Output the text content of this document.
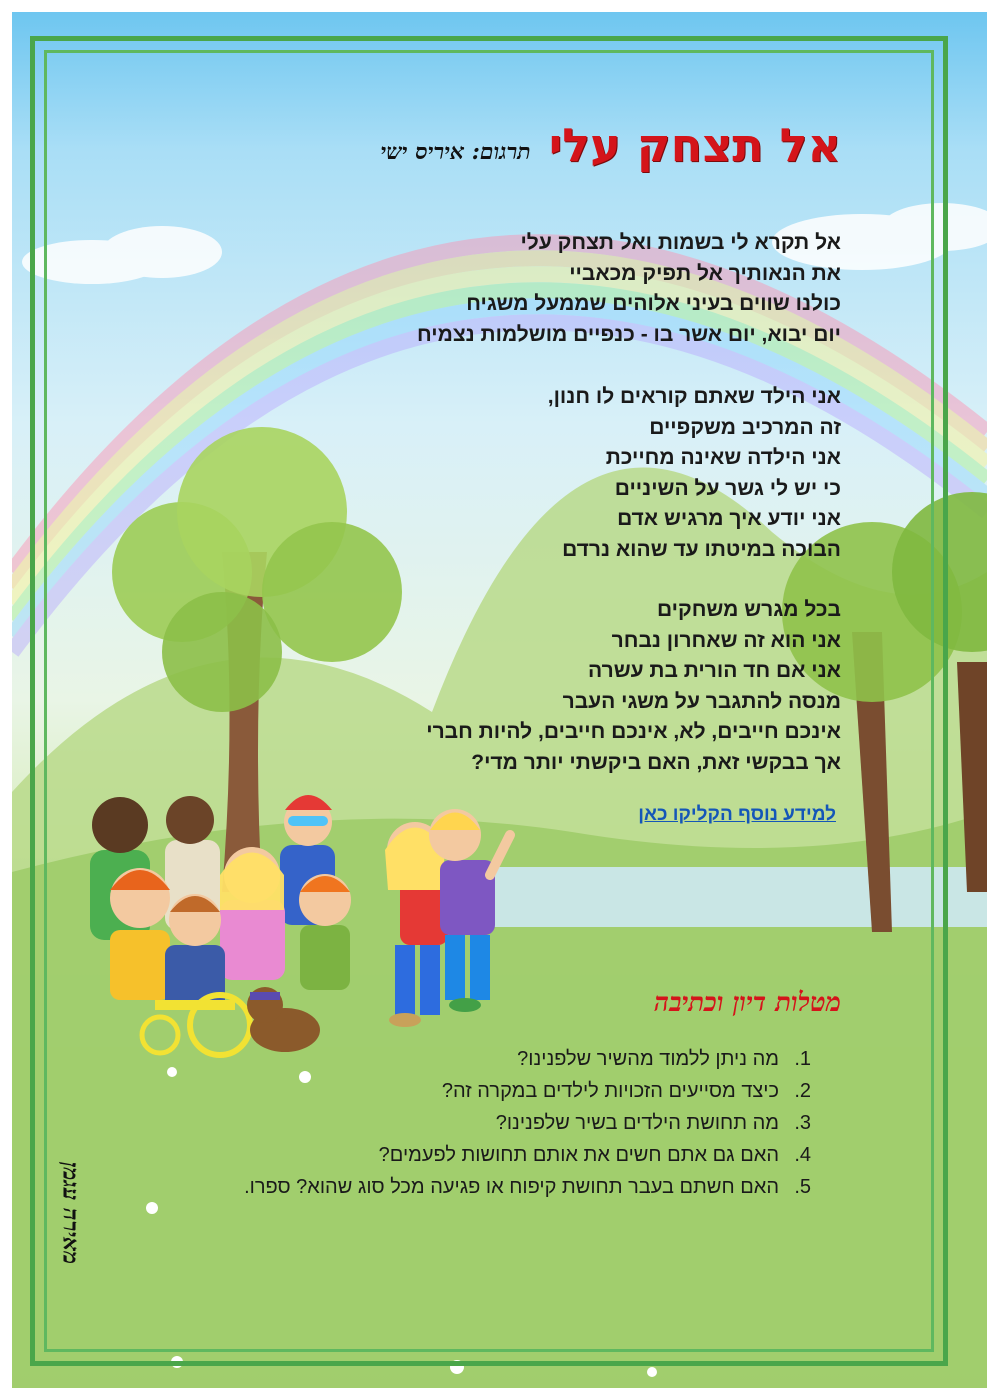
אל תצחק עלי
תרגום: איריס ישי
אל תקרא לי בשמות ואל תצחק עלי
את הנאותיך אל תפיק מכאביי
כולנו שווים בעיני אלוהים שממעל משגיח
יום יבוא, יום אשר בו - כנפיים מושלמות נצמיח
אני הילד שאתם קוראים לו חנון,
זה המרכיב משקפיים
אני הילדה שאינה מחייכת
כי יש לי גשר על השיניים
אני יודע איך מרגיש אדם
הבוכה במיטתו עד שהוא נרדם
בכל מגרש משחקים
אני הוא זה שאחרון נבחר
אני אם חד הורית בת עשרה
מנסה להתגבר על משגי העבר
אינכם חייבים, לא, אינכם חייבים, להיות חברי
אך בבקשי זאת, האם ביקשתי יותר מדי?
למידע נוסף הקליקו כאן
מטלות דיון וכתיבה
1.
מה ניתן ללמוד מהשיר שלפנינו?
2.
כיצד מסייעים הזכויות לילדים במקרה זה?
3.
מה תחושת הילדים בשיר שלפנינו?
4.
האם גם אתם חשים את אותם תחושות לפעמים?
5.
האם חשתם בעבר תחושת קיפוח או פגיעה מכל סוג שהוא? ספרו.
מאירה עגמן
